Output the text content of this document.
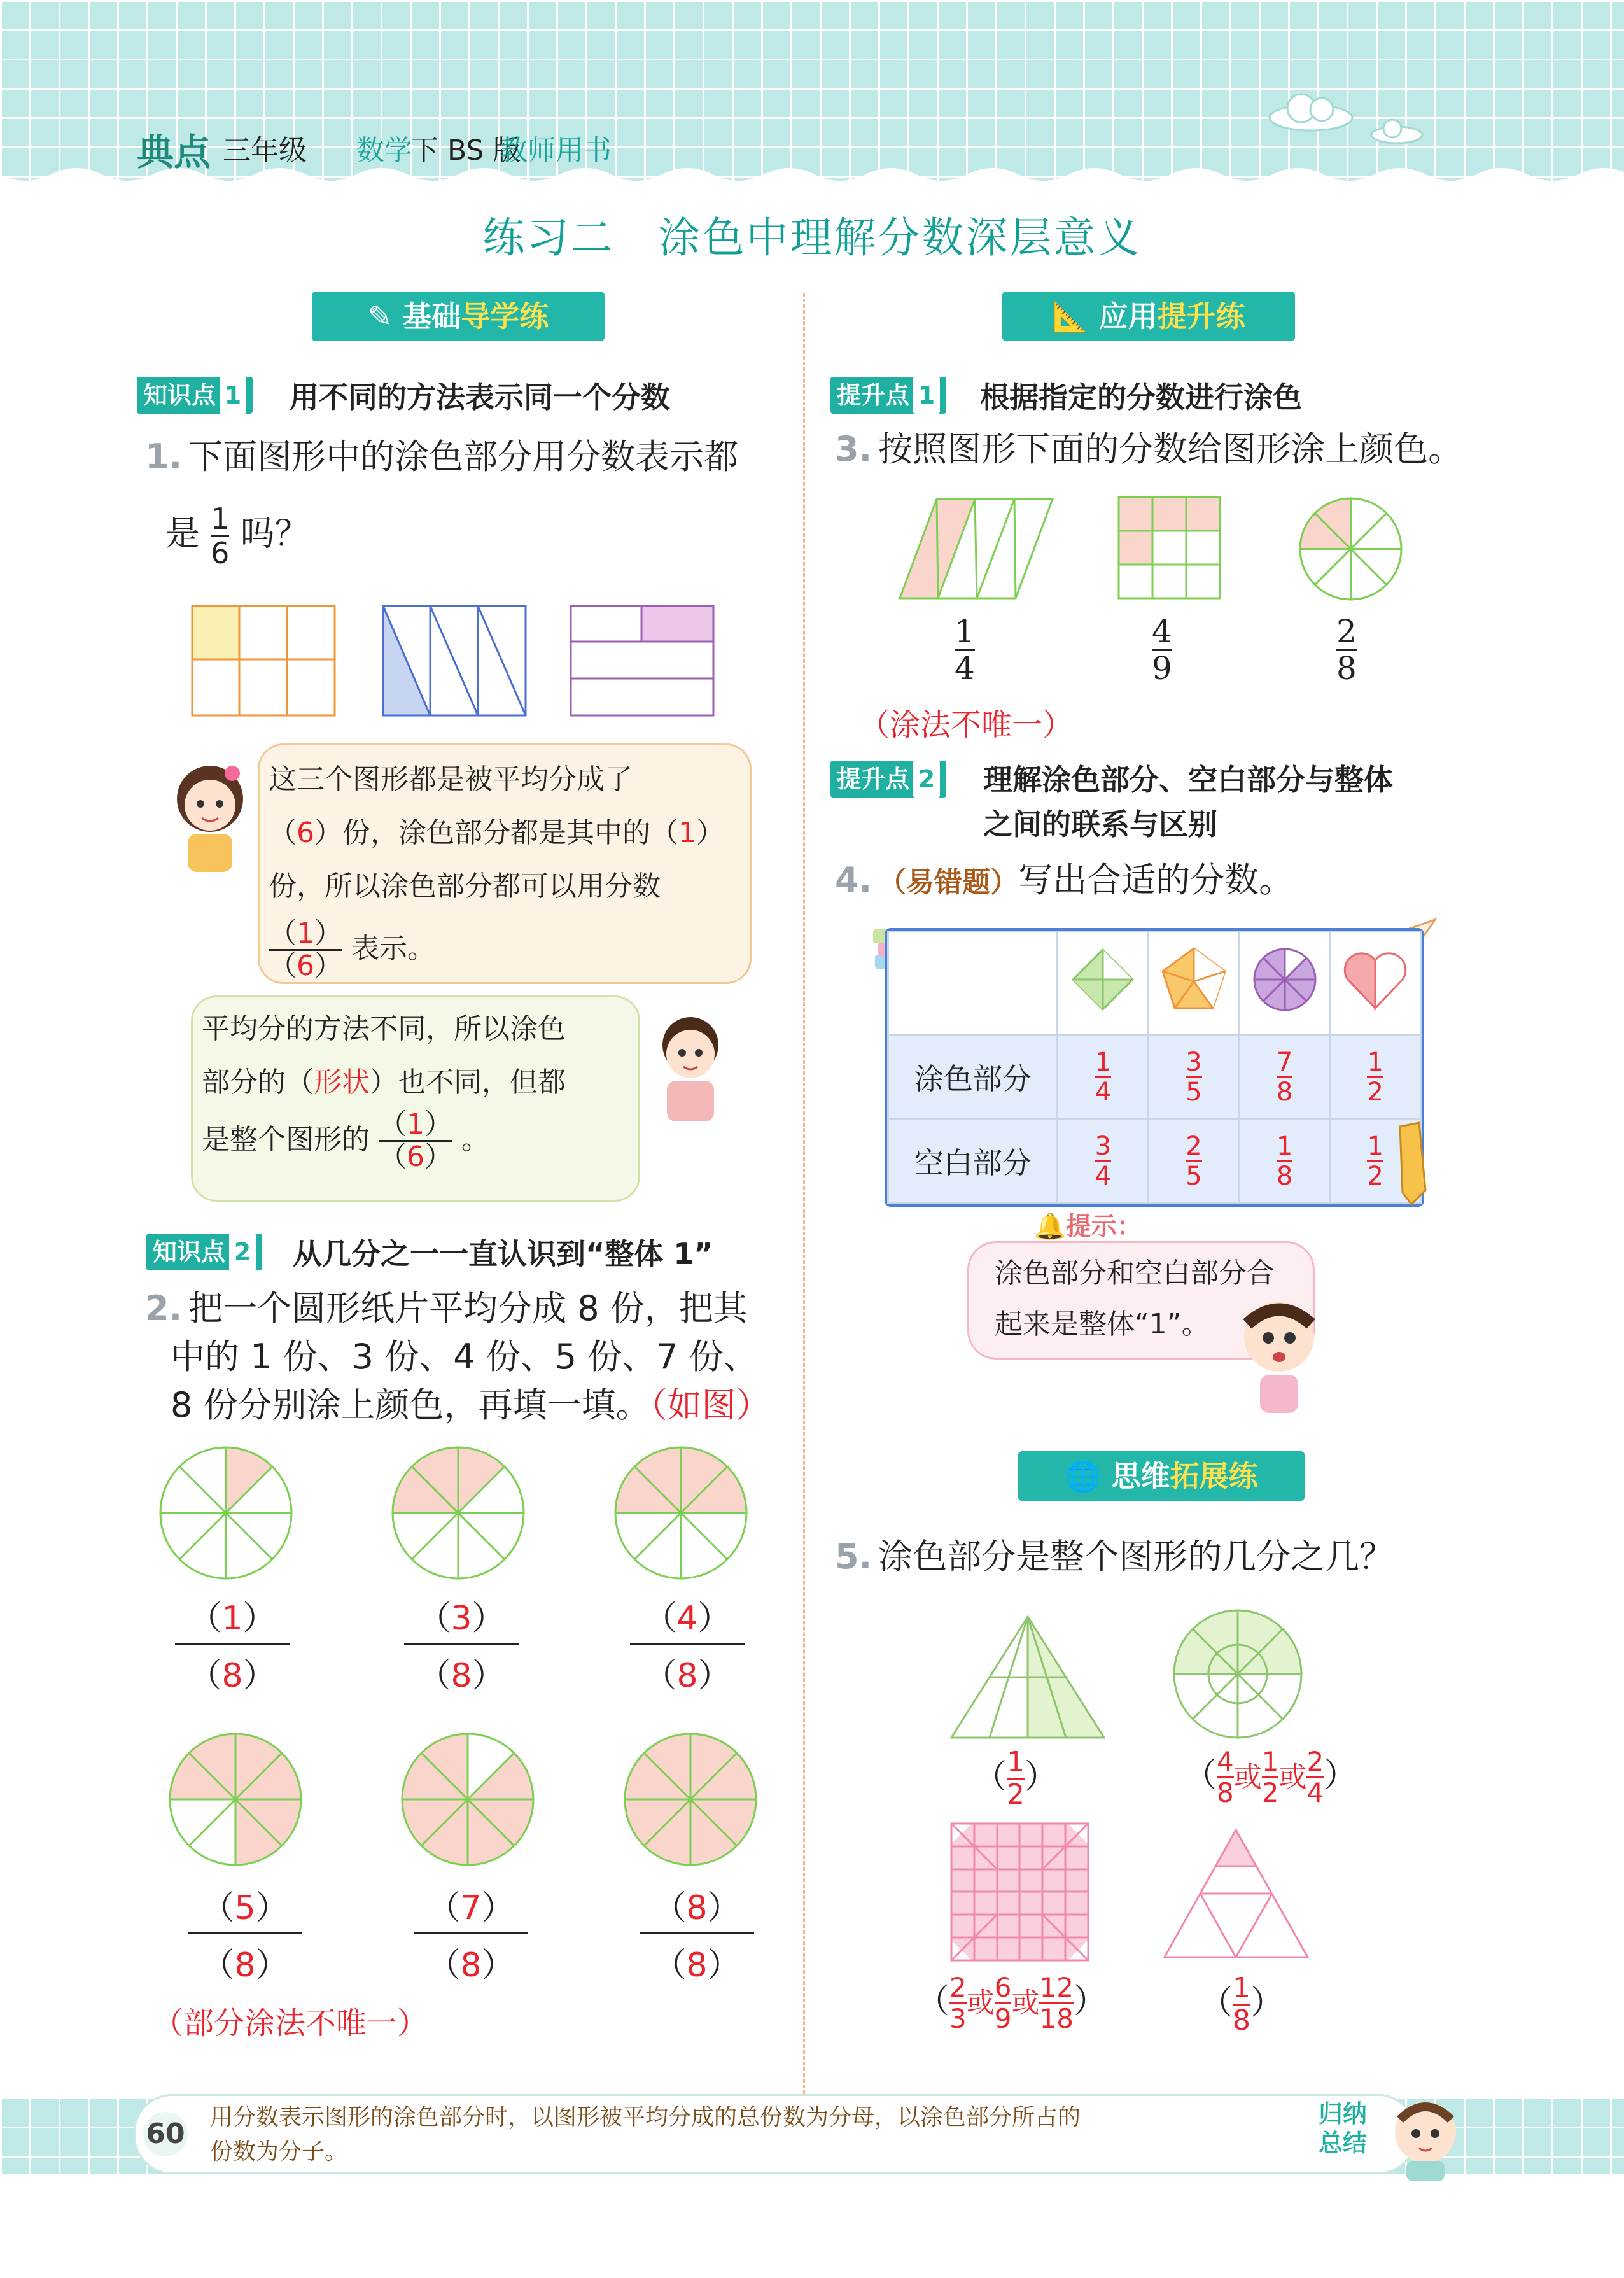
典点 三年级 数学
下 BS 版
教师用书
练习二　涂色中理解分数深层意义
✎ 基础导学练
知识点 1	用不同的方法表示同一个分数
1. 下面图形中的涂色部分用分数表示都
是 $\frac{1}{6}$ 吗？
这三个图形都是被平均分成了
（6）份，涂色部分都是其中的（1）
份，所以涂色部分都可以用分数
$\frac{(1)}{(6)}$ 表示。
平均分的方法不同，所以涂色
部分的（形状）也不同，但都
是整个图形的 $\frac{(1)}{(6)}$ 。
知识点 2	从几分之一一直认识到“整体 1”
2. 把一个圆形纸片平均分成 8 份，把其
中的 1 份、3 份、4 份、5 份、7 份、
8 份分别涂上颜色，再填一填。（如图）
（1）
（8）
（3）
（8）
（4）
（8）
（5）
（8）
（7）
（8）
（8）
（8）
（部分涂法不唯一）
📐 应用提升练
提升点 1	根据指定的分数进行涂色
3. 按照图形下面的分数给图形涂上颜色。
$\frac{1}{4}$	$\frac{4}{9}$	$\frac{2}{8}$
（涂法不唯一）
提升点 2	理解涂色部分、空白部分与整体
之间的联系与区别
4. （易错题）写出合适的分数。

涂色部分	$\frac{1}{4}$	$\frac{3}{5}$	$\frac{7}{8}$	$\frac{1}{2}$

空白部分	$\frac{3}{4}$	$\frac{2}{5}$	$\frac{1}{8}$	$\frac{1}{2}$
🔔提示：
涂色部分和空白部分合
起来是整体“1”。
🌐 思维拓展练
5. 涂色部分是整个图形的几分之几？
（ $\frac{1}{2}$ ）	（ $\frac{4}{8}$ 或 $\frac{1}{2}$ 或 $\frac{2}{4}$ ）
（ $\frac{2}{3}$ 或 $\frac{6}{9}$ 或 $\frac{12}{18}$ ）	（ $\frac{1}{8}$ ）
60
用分数表示图形的涂色部分时，以图形被平均分成的总份数为分母，以涂色部分所占的
份数为分子。
归纳
总结
